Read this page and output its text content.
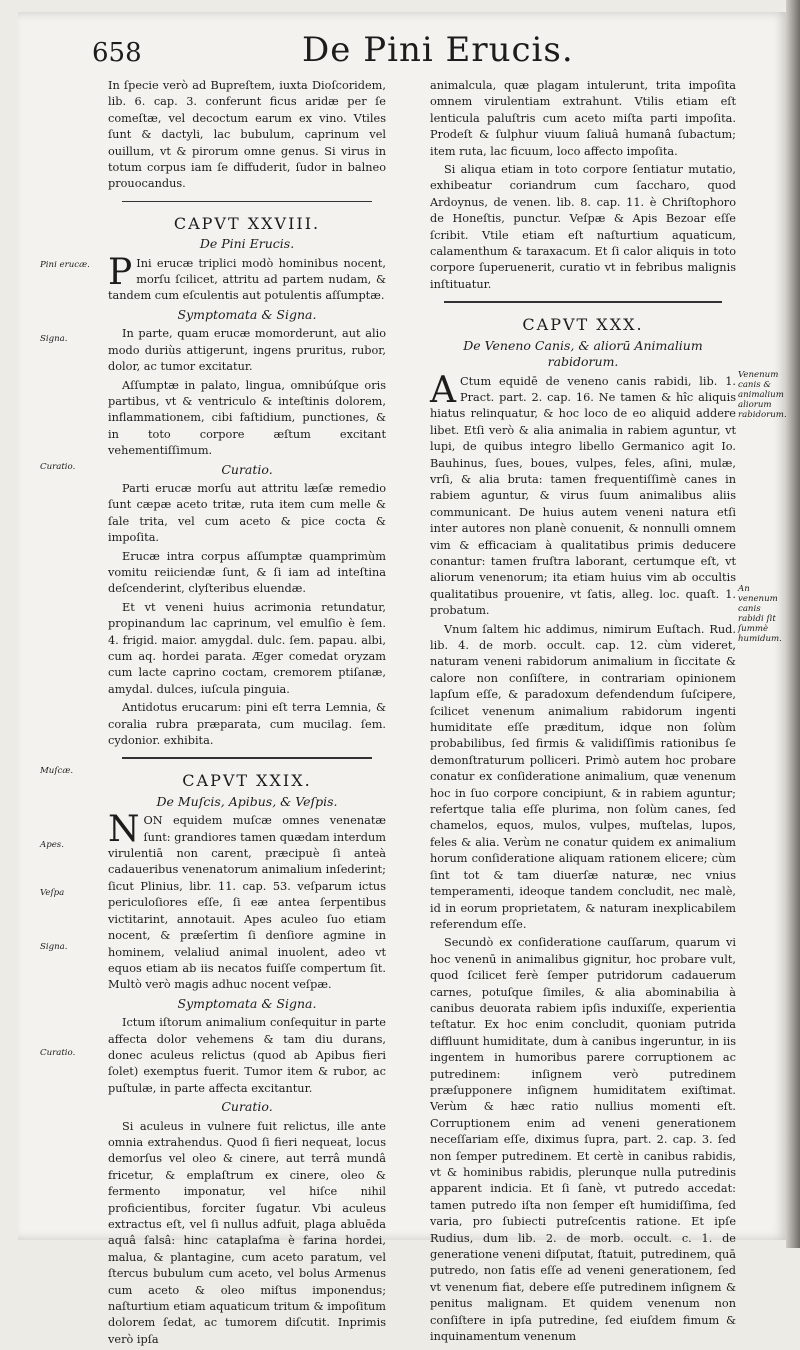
658	De Pini Erucis.

In ſpecie verò ad Bupreſtem, iuxta Dioſcoridem, lib. 6. cap. 3. conferunt ficus aridæ per ſe comeſtæ, vel decoctum earum ex vino. Vtiles ſunt & dactyli, lac bubulum, caprinum vel ouillum, vt & pirorum omne genus. Si virus in totum corpus iam ſe diffuderit, ſudor in balneo prouocandus.

CAPVT XXVIII.
De Pini Erucis.

P Ini erucæ triplici modò hominibus nocent, morſu ſcilicet, attritu ad partem nudam, & tandem cum eſculentis aut potulentis aſſumptæ.

Symptomata & Signa.

In parte, quam erucæ momorderunt, aut alio modo duriùs attigerunt, ingens pruritus, rubor, dolor, ac tumor excitatur.

Aſſumptæ in palato, lingua, omnibúſque oris partibus, vt & ventriculo & inteſtinis dolorem, inflammationem, cibi faſtidium, punctiones, & in toto corpore æſtum excitant vehementiſſimum.

Curatio.

Parti erucæ morſu aut attritu læſæ remedio ſunt cæpæ aceto tritæ, ruta item cum melle & ſale trita, vel cum aceto & pice cocta & impoſita.

Erucæ intra corpus aſſumptæ quamprimùm vomitu reiiciendæ ſunt, & ſi iam ad inteſtina deſcenderint, clyſteribus eluendæ.

Et vt veneni huius acrimonia retundatur, propinandum lac caprinum, vel emulſio è ſem. 4. frigid. maior. amygdal. dulc. ſem. papau. albi, cum aq. hordei parata. Æger comedat oryzam cum lacte caprino coctam, cremorem ptiſanæ, amydal. dulces, iuſcula pinguia.

Antidotus erucarum: pini eſt terra Lemnia, & coralia rubra præparata, cum mucilag. ſem. cydonior. exhibita.

CAPVT XXIX.
De Muſcis, Apibus, & Veſpis.

NON equidem muſcæ omnes venenatæ ſunt: grandiores tamen quædam interdum virulentiā non carent, præcipuè ſi anteà cadaueribus venenatorum animalium inſederint; ſicut Plinius, libr. 11. cap. 53. veſparum ictus periculoſiores eſſe, ſi eæ antea ſerpentibus victitarint, annotauit. Apes aculeo ſuo etiam nocent, & præſertim ſi denſiore agmine in hominem, velaliud animal inuolent, adeo vt equos etiam ab iis necatos fuiſſe compertum ſit. Multò verò magis adhuc nocent veſpæ.

Symptomata & Signa.

Ictum iſtorum animalium conſequitur in parte affecta dolor vehemens & tam diu durans, donec aculeus relictus (quod ab Apibus fieri ſolet) exemptus fuerit. Tumor item & rubor, ac puſtulæ, in parte affecta excitantur.

Curatio.

Si aculeus in vulnere fuit relictus, ille ante omnia extrahendus. Quod ſi fieri nequeat, locus demorſus vel oleo & cinere, aut terrâ mundâ fricetur, & emplaſtrum ex cinere, oleo & fermento imponatur, vel hiſce nihil proficientibus, forciter ſugatur. Vbi aculeus extractus eſt, vel ſi nullus adfuit, plaga abluēda aquâ ſalsâ: hinc cataplaſma è farina hordei, malua, & plantagine, cum aceto paratum, vel ſtercus bubulum cum aceto, vel bolus Armenus cum aceto & oleo miſtus imponendus; naſturtium etiam aquaticum tritum & impoſitum dolorem ſedat, ac tumorem diſcutit. Inprimis verò ipſa

animalcula, quæ plagam intulerunt, trita impoſita omnem virulentiam extrahunt. Vtilis etiam eſt lenticula paluſtris cum aceto miſta parti impoſita. Prodeſt & ſulphur viuum ſaliuâ humanâ ſubactum; item ruta, lac ficuum, loco affecto impoſita.

Si aliqua etiam in toto corpore ſentiatur mutatio, exhibeatur coriandrum cum ſaccharo, quod Ardoynus, de venen. lib. 8. cap. 11. è Chriſtophoro de Honeſtis, punctur. Veſpæ & Apis Bezoar eſſe ſcribit. Vtile etiam eſt naſturtium aquaticum, calamenthum & taraxacum. Et ſi calor aliquis in toto corpore ſuperuenerit, curatio vt in febribus malignis inſtituatur.

CAPVT XXX.
De Veneno Canis, & aliorū Animalium rabidorum.

A Ctum equidē de veneno canis rabidi, lib. 1. Pract. part. 2. cap. 16. Ne tamen & hîc aliquis hiatus relinquatur, & hoc loco de eo aliquid addere libet. Etſi verò & alia animalia in rabiem aguntur, vt lupi, de quibus integro libello Germanico agit Io. Bauhinus, ſues, boues, vulpes, feles, aſini, mulæ, vrſi, & alia bruta: tamen frequentiſſimè canes in rabiem aguntur, & virus ſuum animalibus aliis communicant. De huius autem veneni natura etſi inter autores non planè conuenit, & nonnulli omnem vim & efficaciam à qualitatibus primis deducere conantur: tamen fruſtra laborant, certumque eſt, vt aliorum venenorum; ita etiam huius vim ab occultis qualitatibus prouenire, vt ſatis, alleg. loc. quaſt. 1. probatum.

Vnum ſaltem hic addimus, nimirum Euſtach. Rud. lib. 4. de morb. occult. cap. 12. cùm videret, naturam veneni rabidorum animalium in ſiccitate & calore non conſiſtere, in contrariam opinionem lapſum eſſe, & paradoxum defendendum ſuſcipere, ſcilicet venenum animalium rabidorum ingenti humiditate eſſe præditum, idque non ſolùm probabilibus, ſed firmis & validiſſimis rationibus ſe demonſtraturum polliceri. Primò autem hoc probare conatur ex conſideratione animalium, quæ venenum hoc in ſuo corpore concipiunt, & in rabiem aguntur; refertque talia eſſe plurima, non ſolùm canes, ſed chamelos, equos, mulos, vulpes, muſtelas, lupos, feles & alia. Verùm ne conatur quidem ex animalium horum conſideratione aliquam rationem elicere; cùm ſint tot & tam diuerſæ naturæ, nec vnius temperamenti, ideoque tandem concludit, nec malè, id in eorum proprietatem, & naturam inexplicabilem referendum eſſe.

Secundò ex conſideratione cauſſarum, quarum vi hoc venenū in animalibus gignitur, hoc probare vult, quod ſcilicet ferè ſemper putridorum cadauerum carnes, potuſque ſimiles, & alia abominabilia à canibus deuorata rabiem ipſis induxiſſe, experientia teſtatur. Ex hoc enim concludit, quoniam putrida diffluunt humiditate, dum à canibus ingeruntur, in iis ingentem in humoribus parere corruptionem ac putredinem: inſignem verò putredinem præſupponere inſignem humiditatem exiſtimat. Verùm & hæc ratio nullius momenti eſt. Corruptionem enim ad veneni generationem neceſſariam eſſe, diximus ſupra, part. 2. cap. 3. ſed non ſemper putredinem. Et certè in canibus rabidis, vt & hominibus rabidis, plerunque nulla putredinis apparent indicia. Et ſi ſanè, vt putredo accedat: tamen putredo iſta non ſemper eſt humidiſſima, ſed varia, pro ſubiecti putreſcentis ratione. Et ipſe Rudius, dum lib. 2. de morb. occult. c. 1. de generatione veneni diſputat, ſtatuit, putredinem, quā putredo, non ſatis eſſe ad veneni generationem, ſed vt venenum fiat, debere eſſe putredinem inſignem & penitus malignam. Et quidem venenum non conſiſtere in ipſa putredine, ſed eiuſdem fimum & inquinamentum venenum

Pini erucæ.
Signa.
Curatio.
Muſcæ.
Apes.
Veſpa
Signa.
Curatio.
Venenum canis & animalium aliorum rabidorum.
An venenum canis rabidi ſit ſummè humidum.
